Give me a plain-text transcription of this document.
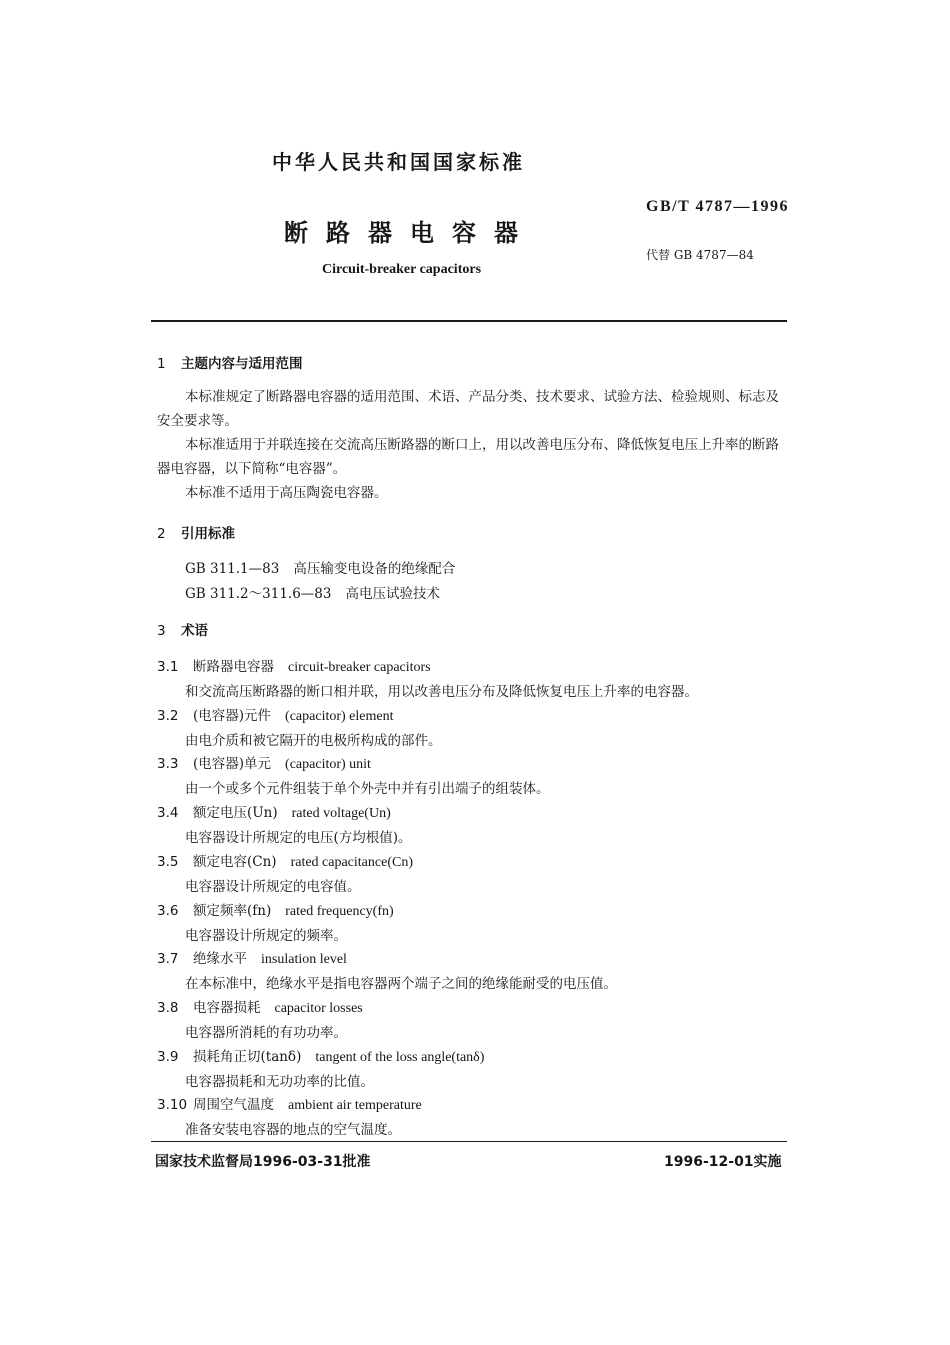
中华人民共和国国家标准
断路器电容器
Circuit-breaker capacitors
GB/T 4787—1996
代替 GB 4787—84
1 主题内容与适用范围
本标准规定了断路器电容器的适用范围、术语、产品分类、技术要求、试验方法、检验规则、标志及安全要求等。
本标准适用于并联连接在交流高压断路器的断口上，用以改善电压分布、降低恢复电压上升率的断路器电容器，以下简称“电容器”。
本标准不适用于高压陶瓷电容器。
2 引用标准
GB 311.1—83 高压输变电设备的绝缘配合
GB 311.2～311.6—83 高电压试验技术
3 术语
3.1 断路器电容器 circuit-breaker capacitors
和交流高压断路器的断口相并联，用以改善电压分布及降低恢复电压上升率的电容器。
3.2 (电容器)元件 (capacitor) element
由电介质和被它隔开的电极所构成的部件。
3.3 (电容器)单元 (capacitor) unit
由一个或多个元件组装于单个外壳中并有引出端子的组装体。
3.4 额定电压(Un) rated voltage(Un)
电容器设计所规定的电压(方均根值)。
3.5 额定电容(Cn) rated capacitance(Cn)
电容器设计所规定的电容值。
3.6 额定频率(fn) rated frequency(fn)
电容器设计所规定的频率。
3.7 绝缘水平 insulation level
在本标准中，绝缘水平是指电容器两个端子之间的绝缘能耐受的电压值。
3.8 电容器损耗 capacitor losses
电容器所消耗的有功功率。
3.9 损耗角正切(tanδ) tangent of the loss angle(tanδ)
电容器损耗和无功功率的比值。
3.10 周围空气温度 ambient air temperature
准备安装电容器的地点的空气温度。
国家技术监督局1996-03-31批准	1996-12-01实施
